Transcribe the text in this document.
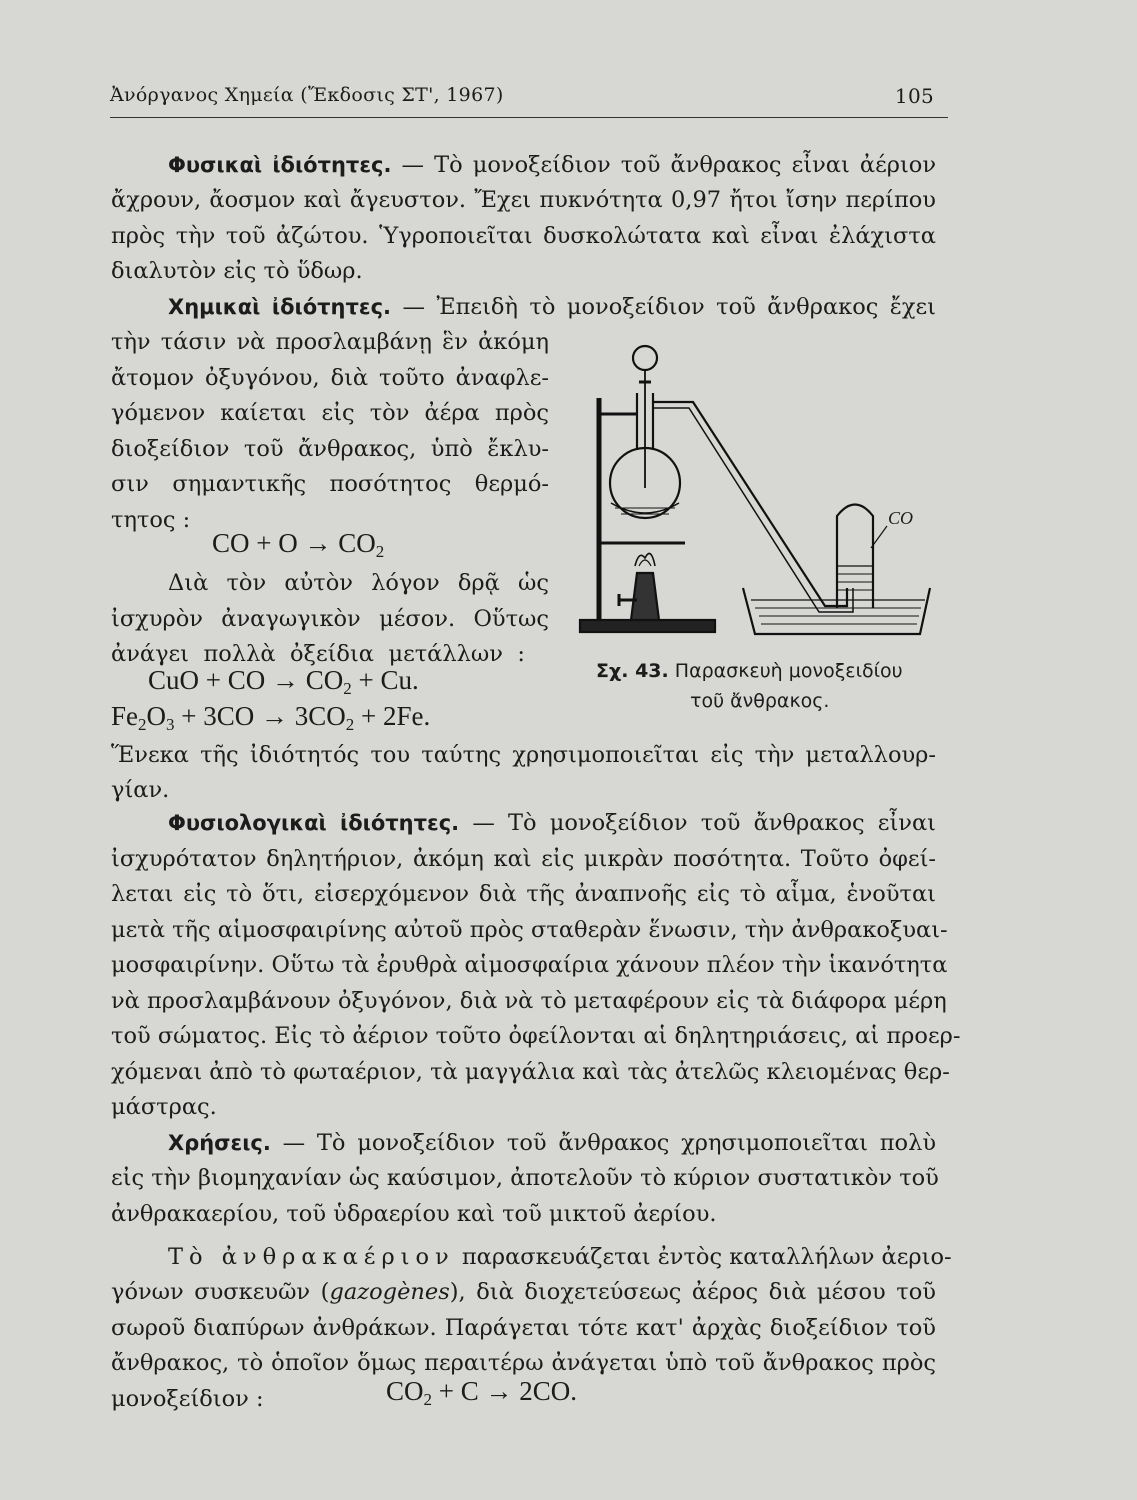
Ἀνόργανος Χημεία (Ἔκδοσις ΣΤ', 1967)	105
Φυσικαὶ ἰδιότητες. — Τὸ μονοξείδιον τοῦ ἄνθρακος εἶναι ἀέριον
ἄχρουν, ἄοσμον καὶ ἄγευστον. Ἔχει πυκνότητα 0,97 ἤτοι ἴσην περίπου
πρὸς τὴν τοῦ ἀζώτου. Ὑγροποιεῖται δυσκολώτατα καὶ εἶναι ἐλάχιστα
διαλυτὸν εἰς τὸ ὕδωρ.
Χημικαὶ ἰδιότητες. — Ἐπειδὴ τὸ μονοξείδιον τοῦ ἄνθρακος ἔχει
τὴν τάσιν νὰ προσλαμβάνῃ ἓν ἀκόμη
ἄτομον ὀξυγόνου, διὰ τοῦτο ἀναφλε-
γόμενον καίεται εἰς τὸν ἀέρα πρὸς
διοξείδιον τοῦ ἄνθρακος, ὑπὸ ἔκλυ-
σιν σημαντικῆς ποσότητος θερμό-
τητος :
CO + O → CO2
Διὰ τὸν αὐτὸν λόγον δρᾷ ὡς
ἰσχυρὸν ἀναγωγικὸν μέσον. Οὕτως
ἀνάγει πολλὰ ὀξείδια μετάλλων :
CuO + CO → CO2 + Cu.
Fe2O3 + 3CO → 3CO2 + 2Fe.
Ἕνεκα τῆς ἰδιότητός του ταύτης χρησιμοποιεῖται εἰς τὴν μεταλλουρ-
γίαν.
CO
Σχ. 43. Παρασκευὴ μονοξειδίου
τοῦ ἄνθρακος.
Φυσιολογικαὶ ἰδιότητες. — Τὸ μονοξείδιον τοῦ ἄνθρακος εἶναι
ἰσχυρότατον δηλητήριον, ἀκόμη καὶ εἰς μικρὰν ποσότητα. Τοῦτο ὀφεί-
λεται εἰς τὸ ὅτι, εἰσερχόμενον διὰ τῆς ἀναπνοῆς εἰς τὸ αἷμα, ἑνοῦται
μετὰ τῆς αἱμοσφαιρίνης αὐτοῦ πρὸς σταθερὰν ἕνωσιν, τὴν ἀνθρακοξυαι-
μοσφαιρίνην. Οὕτω τὰ ἐρυθρὰ αἱμοσφαίρια χάνουν πλέον τὴν ἱκανότητα
νὰ προσλαμβάνουν ὀξυγόνον, διὰ νὰ τὸ μεταφέρουν εἰς τὰ διάφορα μέρη
τοῦ σώματος. Εἰς τὸ ἀέριον τοῦτο ὀφείλονται αἱ δηλητηριάσεις, αἱ προερ-
χόμεναι ἀπὸ τὸ φωταέριον, τὰ μαγγάλια καὶ τὰς ἀτελῶς κλειομένας θερ-
μάστρας.
Χρήσεις. — Τὸ μονοξείδιον τοῦ ἄνθρακος χρησιμοποιεῖται πολὺ
εἰς τὴν βιομηχανίαν ὡς καύσιμον, ἀποτελοῦν τὸ κύριον συστατικὸν τοῦ
ἀνθρακαερίου, τοῦ ὑδραερίου καὶ τοῦ μικτοῦ ἀερίου.
Τὸ ἀνθρακαέριον παρασκευάζεται ἐντὸς καταλλήλων ἀεριο-
γόνων συσκευῶν (gazogènes), διὰ διοχετεύσεως ἀέρος διὰ μέσου τοῦ
σωροῦ διαπύρων ἀνθράκων. Παράγεται τότε κατ' ἀρχὰς διοξείδιον τοῦ
ἄνθρακος, τὸ ὁποῖον ὅμως περαιτέρω ἀνάγεται ὑπὸ τοῦ ἄνθρακος πρὸς
μονοξείδιον :	CO2 + C → 2CO.
